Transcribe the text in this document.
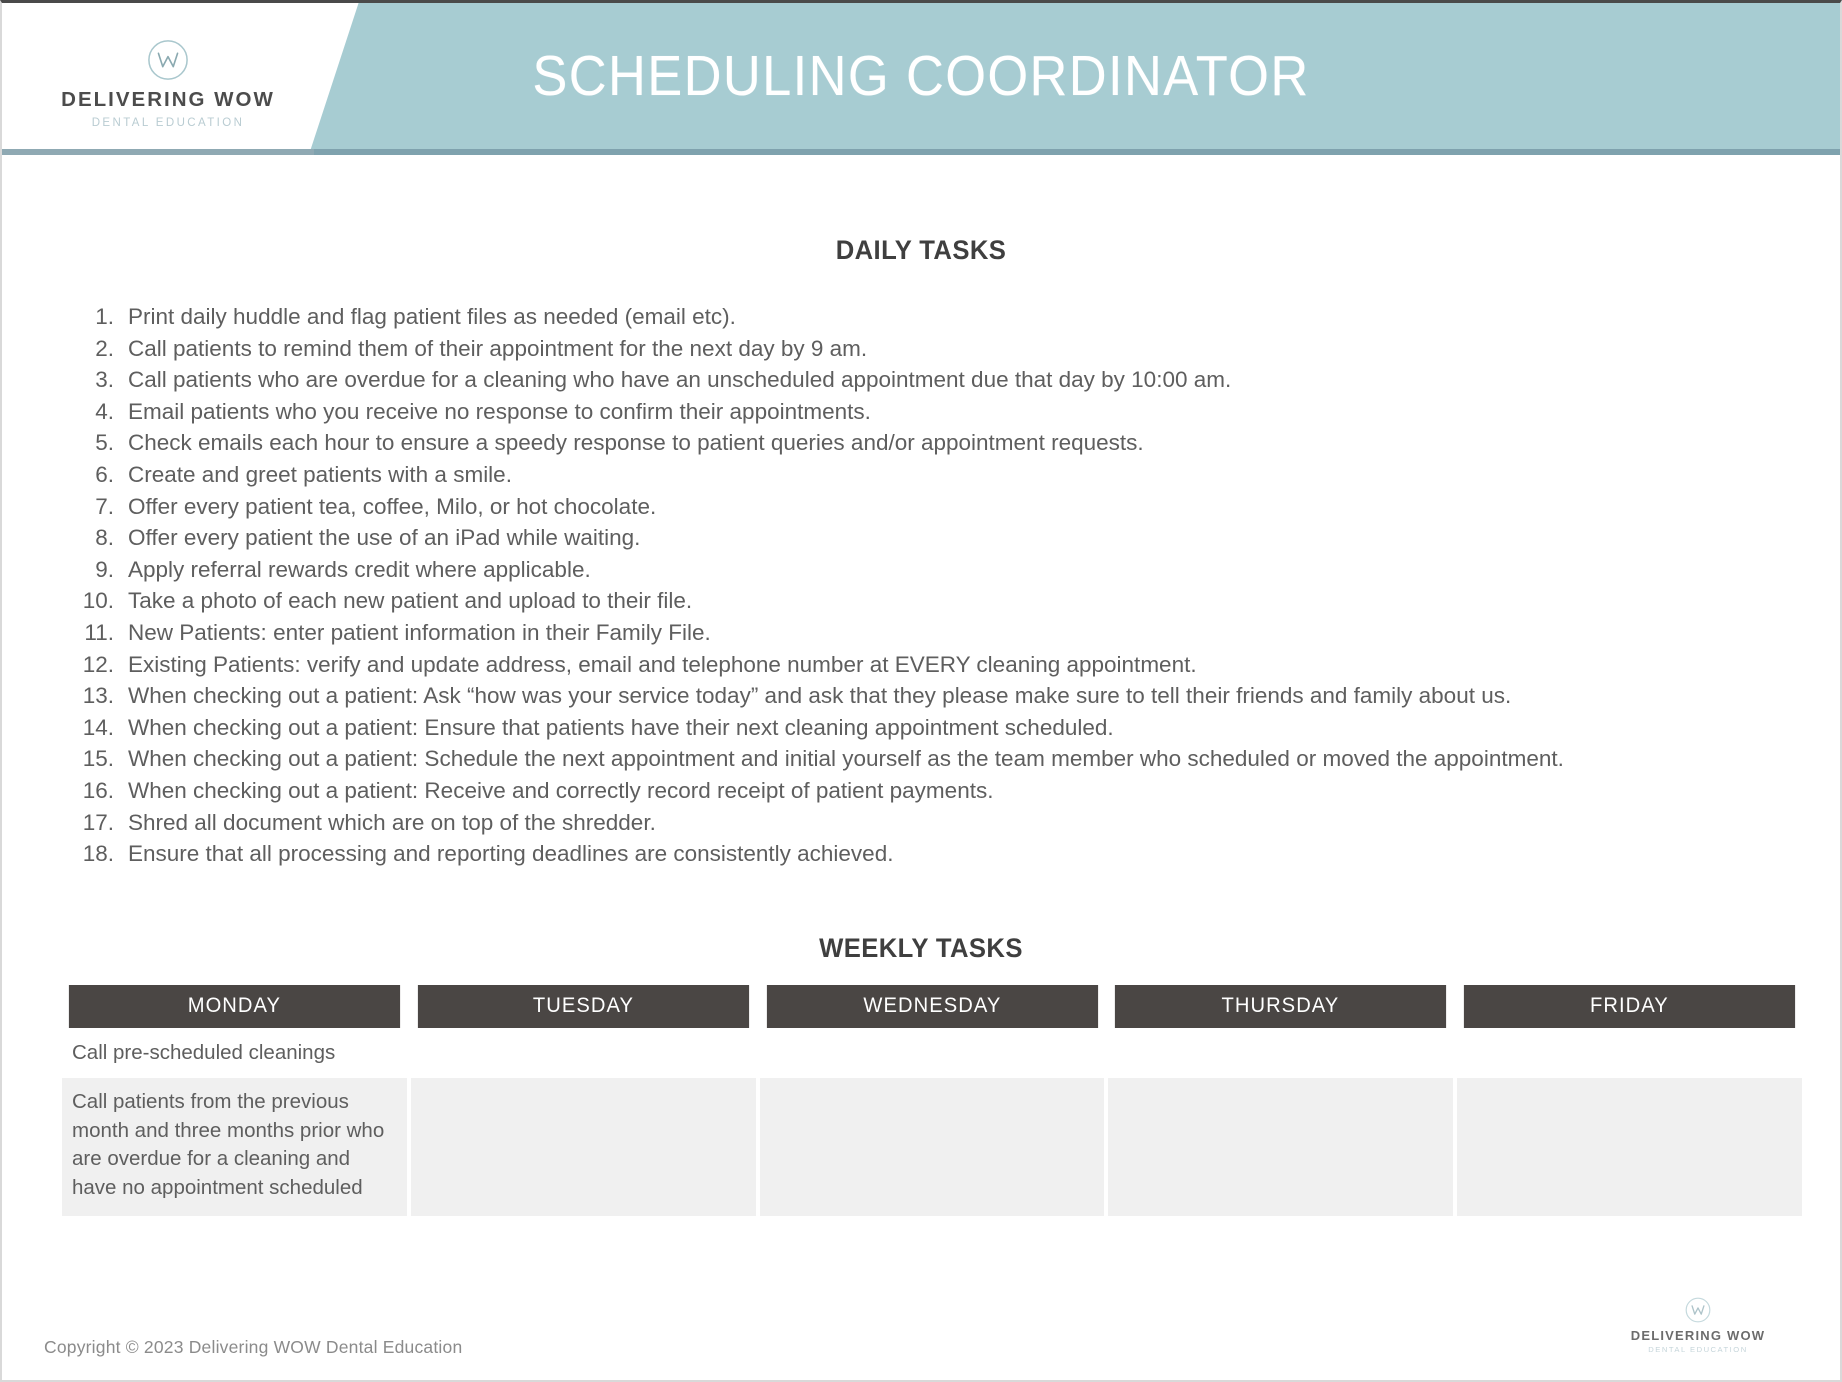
SCHEDULING COORDINATOR
DELIVERING WOW
DENTAL EDUCATION
DAILY TASKS
1. Print daily huddle and flag patient files as needed (email etc).
2. Call patients to remind them of their appointment for the next day by 9 am.
3. Call patients who are overdue for a cleaning who have an unscheduled appointment due that day by 10:00 am.
4. Email patients who you receive no response to confirm their appointments.
5. Check emails each hour to ensure a speedy response to patient queries and/or appointment requests.
6. Create and greet patients with a smile.
7. Offer every patient tea, coffee, Milo, or hot chocolate.
8. Offer every patient the use of an iPad while waiting.
9. Apply referral rewards credit where applicable.
10. Take a photo of each new patient and upload to their file.
11. New Patients: enter patient information in their Family File.
12. Existing Patients: verify and update address, email and telephone number at EVERY cleaning appointment.
13. When checking out a patient: Ask “how was your service today” and ask that they please make sure to tell their friends and family about us.
14. When checking out a patient: Ensure that patients have their next cleaning appointment scheduled.
15. When checking out a patient: Schedule the next appointment and initial yourself as the team member who scheduled or moved the appointment.
16. When checking out a patient: Receive and correctly record receipt of patient payments.
17. Shred all document which are on top of the shredder.
18. Ensure that all processing and reporting deadlines are consistently achieved.
WEEKLY TASKS
MONDAY	TUESDAY	WEDNESDAY	THURSDAY	FRIDAY
Call pre-scheduled cleanings
Call patients from the previous month and three months prior who are overdue for a cleaning and have no appointment scheduled
Copyright © 2023 Delivering WOW Dental Education
DELIVERING WOW
DENTAL EDUCATION
